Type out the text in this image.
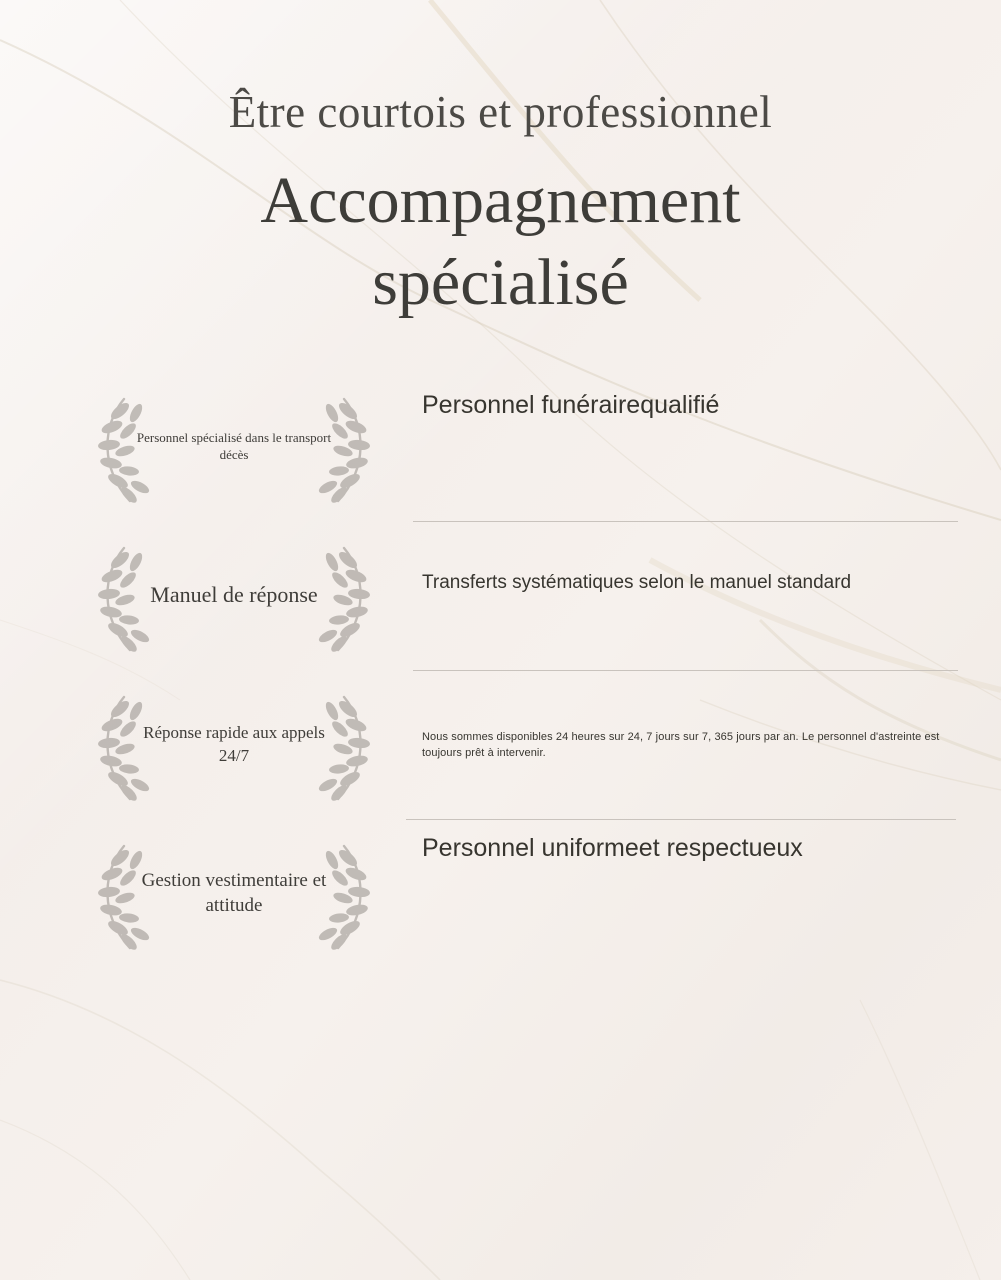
Être courtois et professionnel
Accompagnement spécialisé
Personnel spécialisé dans le transport décès
Personnel funérairequalifié
Manuel de réponse
Transferts systématiques selon le manuel standard
Réponse rapide aux appels 24/7
Nous sommes disponibles 24 heures sur 24, 7 jours sur 7, 365 jours par an. Le personnel d'astreinte est toujours prêt à intervenir.
Gestion vestimentaire et attitude
Personnel uniformeet respectueux
